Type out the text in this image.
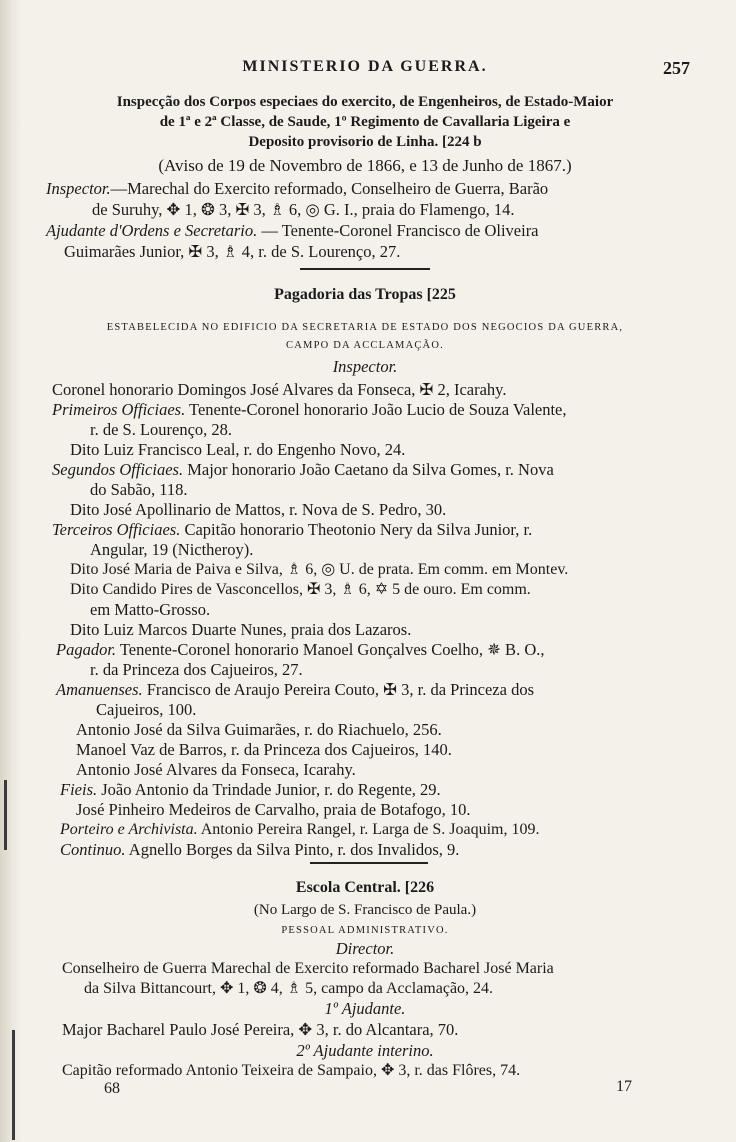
MINISTERIO DA GUERRA.	257
Inspecção dos Corpos especiaes do exercito, de Engenheiros, de Estado-Maior
de 1ª e 2ª Classe, de Saude, 1º Regimento de Cavallaria Ligeira e
Deposito provisorio de Linha. [224 b
(Aviso de 19 de Novembro de 1866, e 13 de Junho de 1867.)
Inspector.—Marechal do Exercito reformado, Conselheiro de Guerra, Barão
de Suruhy, ✥ 1, ❂ 3, ✠ 3, ♗ 6, ◎ G. I., praia do Flamengo, 14.
Ajudante d'Ordens e Secretario. — Tenente-Coronel Francisco de Oliveira
Guimarães Junior, ✠ 3, ♗ 4, r. de S. Lourenço, 27.
Pagadoria das Tropas [225
ESTABELECIDA NO EDIFICIO DA SECRETARIA DE ESTADO DOS NEGOCIOS DA GUERRA,
CAMPO DA ACCLAMAÇÃO.
Inspector.
Coronel honorario Domingos José Alvares da Fonseca, ✠ 2, Icarahy.
Primeiros Officiaes. Tenente-Coronel honorario João Lucio de Souza Valente,
r. de S. Lourenço, 28.
Dito Luiz Francisco Leal, r. do Engenho Novo, 24.
Segundos Officiaes. Major honorario João Caetano da Silva Gomes, r. Nova
do Sabão, 118.
Dito José Apollinario de Mattos, r. Nova de S. Pedro, 30.
Terceiros Officiaes. Capitão honorario Theotonio Nery da Silva Junior, r.
Angular, 19 (Nictheroy).
Dito José Maria de Paiva e Silva, ♗ 6, ◎ U. de prata. Em comm. em Montev.
Dito Candido Pires de Vasconcellos, ✠ 3, ♗ 6, ✡ 5 de ouro. Em comm.
em Matto-Grosso.
Dito Luiz Marcos Duarte Nunes, praia dos Lazaros.
Pagador. Tenente-Coronel honorario Manoel Gonçalves Coelho, ✵ B. O.,
r. da Princeza dos Cajueiros, 27.
Amanuenses. Francisco de Araujo Pereira Couto, ✠ 3, r. da Princeza dos
Cajueiros, 100.
Antonio José da Silva Guimarães, r. do Riachuelo, 256.
Manoel Vaz de Barros, r. da Princeza dos Cajueiros, 140.
Antonio José Alvares da Fonseca, Icarahy.
Fieis. João Antonio da Trindade Junior, r. do Regente, 29.
José Pinheiro Medeiros de Carvalho, praia de Botafogo, 10.
Porteiro e Archivista. Antonio Pereira Rangel, r. Larga de S. Joaquim, 109.
Continuo. Agnello Borges da Silva Pinto, r. dos Invalidos, 9.
Escola Central. [226
(No Largo de S. Francisco de Paula.)
PESSOAL ADMINISTRATIVO.
Director.
Conselheiro de Guerra Marechal de Exercito reformado Bacharel José Maria
da Silva Bittancourt, ✥ 1, ❂ 4, ♗ 5, campo da Acclamação, 24.
1º Ajudante.
Major Bacharel Paulo José Pereira, ✥ 3, r. do Alcantara, 70.
2º Ajudante interino.
Capitão reformado Antonio Teixeira de Sampaio, ✥ 3, r. das Flôres, 74.
68	17
